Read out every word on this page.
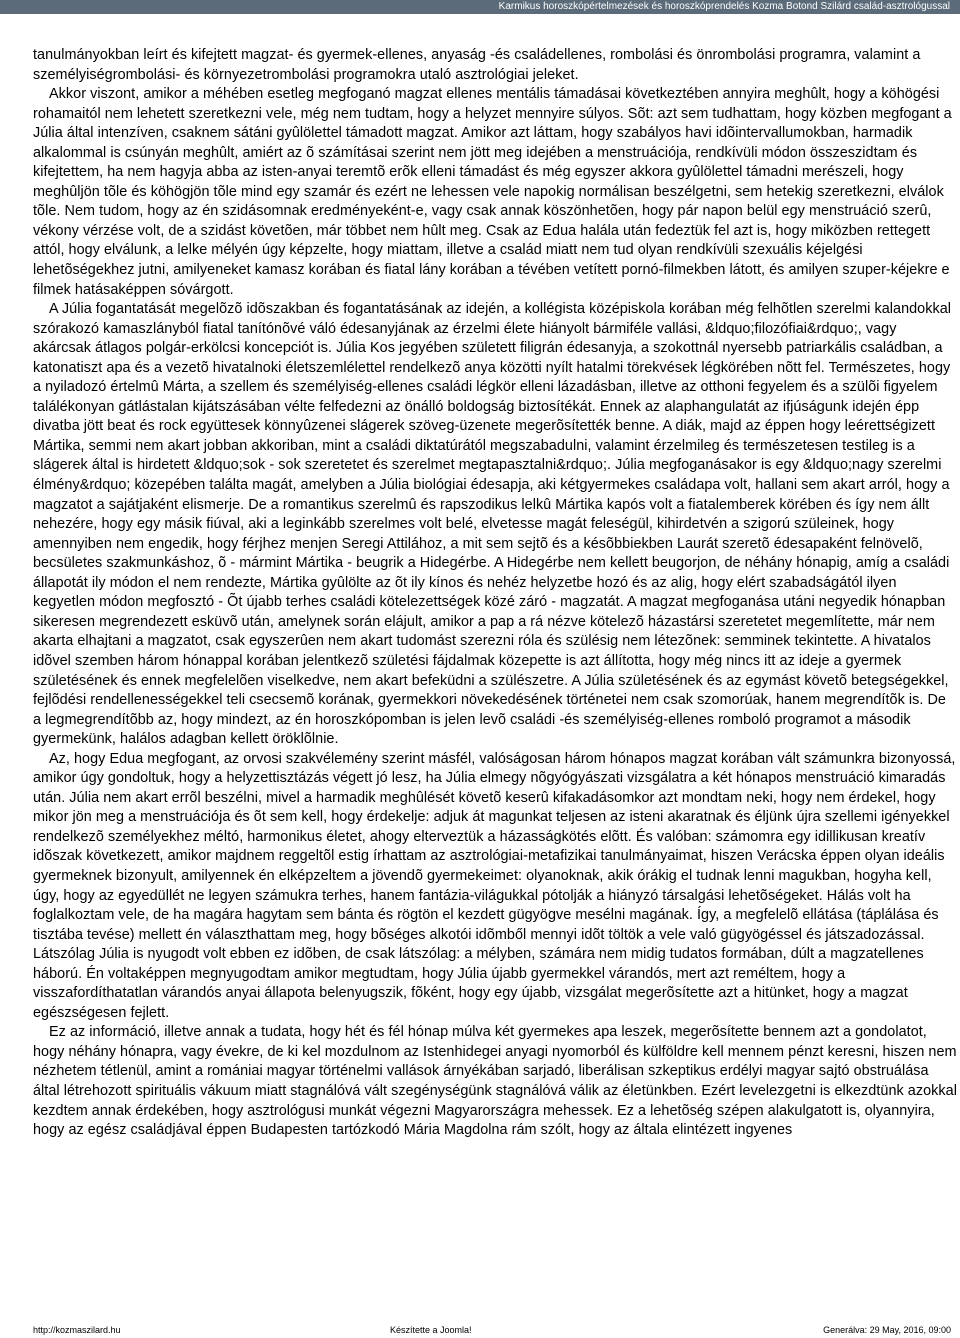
Karmikus horoszkópértelmezések és horoszkóprendelés Kozma Botond Szilárd család-asztrológussal

tanulmányokban leírt és kifejtett magzat- és gyermek-ellenes, anyaság -és családellenes, rombolási és önrombolási programra, valamint a személyiségrombolási- és környezetrombolási programokra utaló asztrológiai jeleket.

Akkor viszont, amikor a méhében esetleg megfoganó magzat ellenes mentális támadásai következtében annyira meghûlt, hogy a köhögési rohamaitól nem lehetett szeretkezni vele, még nem tudtam, hogy a helyzet mennyire súlyos. Sõt: azt sem tudhattam, hogy közben megfogant a Júlia által intenzíven, csaknem sátáni gyûlölettel támadott magzat. Amikor azt láttam, hogy szabályos havi idõintervallumokban, harmadik alkalommal is csúnyán meghûlt, amiért az õ számításai szerint nem jött meg idejében a menstruációja, rendkívüli módon összeszidtam és kifejtettem, ha nem hagyja abba az isten-anyai teremtõ erõk elleni támadást és még egyszer akkora gyûlölettel támadni merészeli, hogy meghûljön tõle és köhögjön tõle mind egy szamár és ezért ne lehessen vele napokig normálisan beszélgetni, sem hetekig szeretkezni, elválok tõle. Nem tudom, hogy az én szidásomnak eredményeként-e, vagy csak annak köszönhetõen, hogy pár napon belül egy menstruáció szerû, vékony vérzése volt, de a szidást követõen, már többet nem hûlt meg. Csak az Edua halála után fedeztük fel azt is, hogy miközben rettegett attól, hogy elválunk, a lelke mélyén úgy képzelte, hogy miattam, illetve a család miatt nem tud olyan rendkívüli szexuális kéjelgési lehetõségekhez jutni, amilyeneket kamasz korában és fiatal lány korában a tévében vetített pornó-filmekben látott, és amilyen szuper-kéjekre e filmek hatásaképpen sóvárgott.

A Júlia fogantatását megelõzõ idõszakban és fogantatásának az idején, a kollégista középiskola korában még felhõtlen szerelmi kalandokkal szórakozó kamaszlányból fiatal tanítónõvé váló édesanyjának az érzelmi élete hiányolt bármiféle vallási, &ldquo;filozófiai&rdquo;, vagy akárcsak átlagos polgár-erkölcsi koncepciót is. Júlia Kos jegyében született filigrán édesanyja, a szokottnál nyersebb patriarkális családban, a katonatiszt apa és a vezetõ hivatalnoki életszemlélettel rendelkezõ anya közötti nyílt hatalmi törekvések légkörében nõtt fel. Természetes, hogy a nyiladozó értelmû Márta, a szellem és személyiség-ellenes családi légkör elleni lázadásban, illetve az otthoni fegyelem és a szülõi figyelem találékonyan gátlástalan kijátszásában vélte felfedezni az önálló boldogság biztosítékát. Ennek az alaphangulatát az ifjúságunk idején épp divatba jött beat és rock együttesek könnyûzenei slágerek szöveg-üzenete megerõsítették benne. A diák, majd az éppen hogy leérettségizett Mártika, semmi nem akart jobban akkoriban, mint a családi diktatúrától megszabadulni, valamint érzelmileg és természetesen testileg is a slágerek által is hirdetett &ldquo;sok - sok szeretetet és szerelmet megtapasztalni&rdquo;. Júlia megfoganásakor is egy &ldquo;nagy szerelmi élmény&rdquo; közepében találta magát, amelyben a Júlia biológiai édesapja, aki kétgyermekes családapa volt, hallani sem akart arról, hogy a magzatot a sajátjaként elismerje. De a romantikus szerelmû és rapszodikus lelkû Mártika kapós volt a fiatalemberek körében és így nem állt nehezére, hogy egy másik fiúval, aki a leginkább szerelmes volt belé, elvetesse magát feleségül, kihirdetvén a szigorú szüleinek, hogy amennyiben nem engedik, hogy férjhez menjen Seregi Attilához, a mit sem sejtõ és a késõbbiekben Laurát szeretõ édesapaként felnövelõ, becsületes szakmunkáshoz, õ - mármint Mártika - beugrik a Hidegérbe. A Hidegérbe nem kellett beugorjon, de néhány hónapig, amíg a családi állapotát ily módon el nem rendezte, Mártika gyûlölte az õt ily kínos és nehéz helyzetbe hozó és az alig, hogy elért szabadságától ilyen kegyetlen módon megfosztó - Õt újabb terhes családi kötelezettségek közé záró - magzatát. A magzat megfoganása utáni negyedik hónapban sikeresen megrendezett esküvõ után, amelynek során elájult, amikor a pap a rá nézve kötelezõ házastársi szeretetet megemlítette, már nem akarta elhajtani a magzatot, csak egyszerûen nem akart tudomást szerezni róla és szülésig nem létezõnek: semminek tekintette. A hivatalos idõvel szemben három hónappal korában jelentkezõ születési fájdalmak közepette is azt állította, hogy még nincs itt az ideje a gyermek születésének és ennek megfelelõen viselkedve, nem akart befeküdni a szülészetre. A Júlia születésének és az egymást követõ betegségekkel, fejlõdési rendellenességekkel teli csecsemõ korának, gyermekkori növekedésének történetei nem csak szomorúak, hanem megrendítõk is. De a legmegrendítõbb az, hogy mindezt, az én horoszkópomban is jelen levõ családi -és személyiség-ellenes romboló programot a második gyermekünk, halálos adagban kellett öröklõlnie.

Az, hogy Edua megfogant, az orvosi szakvélemény szerint másfél, valóságosan három hónapos magzat korában vált számunkra bizonyossá, amikor úgy gondoltuk, hogy a helyzettisztázás végett jó lesz, ha Júlia elmegy nõgyógyászati vizsgálatra a két hónapos menstruáció kimaradás után. Júlia nem akart errõl beszélni, mivel a harmadik meghûlését követõ keserû kifakadásomkor azt mondtam neki, hogy nem érdekel, hogy mikor jön meg a menstruációja és õt sem kell, hogy érdekelje: adjuk át magunkat teljesen az isteni akaratnak és éljünk újra szellemi igényekkel rendelkezõ személyekhez méltó, harmonikus életet, ahogy elterveztük a házasságkötés elõtt. És valóban: számomra egy idillikusan kreatív idõszak következett, amikor majdnem reggeltõl estig írhattam az asztrológiai-metafizikai tanulmányaimat, hiszen Verácska éppen olyan ideális gyermeknek bizonyult, amilyennek én elképzeltem a jövendõ gyermekeimet: olyanoknak, akik órákig el tudnak lenni magukban, hogyha kell, úgy, hogy az egyedüllét ne legyen számukra terhes, hanem fantázia-világukkal pótolják a hiányzó társalgási lehetõségeket. Hálás volt ha foglalkoztam vele, de ha magára hagytam sem bánta és rögtön el kezdett gügyögve mesélni magának. Így, a megfelelõ ellátása (táplálása és tisztába tevése) mellett én választhattam meg, hogy bõséges alkotói idõmből mennyi idõt töltök a vele való gügyögéssel és játszadozással. Látszólag Júlia is nyugodt volt ebben ez idõben, de csak látszólag: a mélyben, számára nem midig tudatos formában, dúlt a magzatellenes háború. Én voltaképpen megnyugodtam amikor megtudtam, hogy Júlia újabb gyermekkel várandós, mert azt reméltem, hogy a visszafordíthatatlan várandós anyai állapota belenyugszik, fõként, hogy egy újabb, vizsgálat megerõsítette azt a hitünket, hogy a magzat egészségesen fejlett.

Ez az információ, illetve annak a tudata, hogy hét és fél hónap múlva két gyermekes apa leszek, megerõsítette bennem azt a gondolatot, hogy néhány hónapra, vagy évekre, de ki kel mozdulnom az Istenhidegei anyagi nyomorból és külföldre kell mennem pénzt keresni, hiszen nem nézhetem tétlenül, amint a romániai magyar történelmi vallások árnyékában sarjadó, liberálisan szkeptikus erdélyi magyar sajtó obstruálása által létrehozott spirituális vákuum miatt stagnálóvá vált szegénységünk stagnálóvá válik az életünkben. Ezért levelezgetni is elkezdtünk azokkal kezdtem annak érdekében, hogy asztrológusi munkát végezni Magyarországra mehessek. Ez a lehetõség szépen alakulgatott is, olyannyira, hogy az egész családjával éppen Budapesten tartózkodó Mária Magdolna rám szólt, hogy az általa elintézett ingyenes

http://kozmaszilard.hu	Készítette a Joomla!	Generálva: 29 May, 2016, 09:00
